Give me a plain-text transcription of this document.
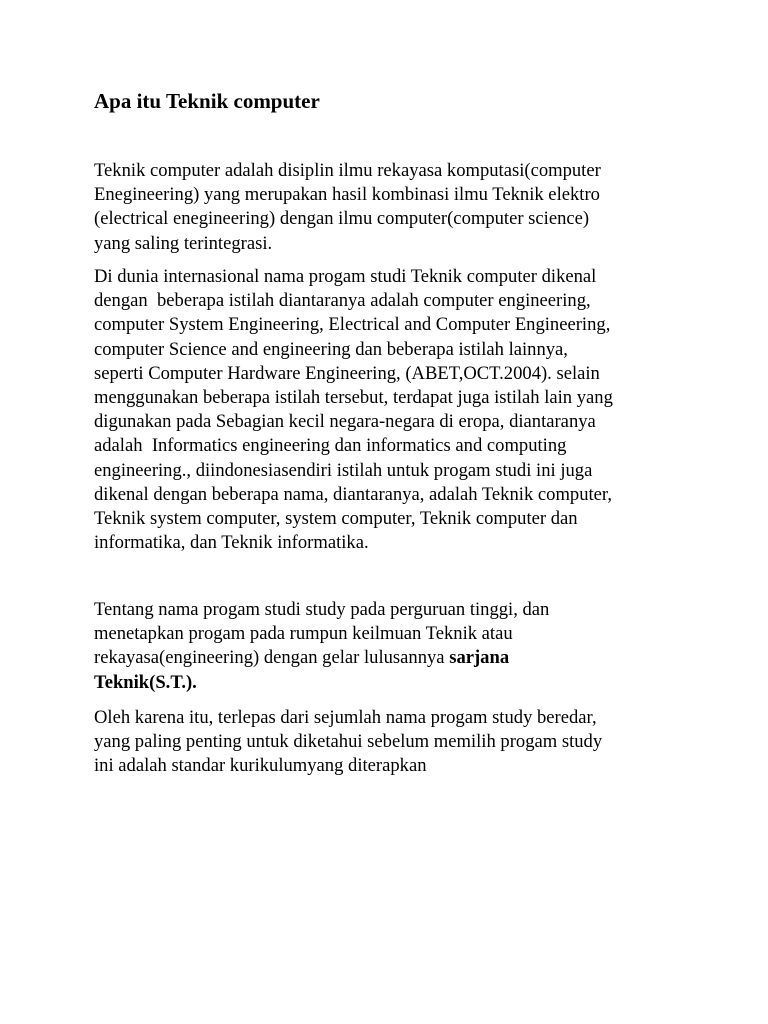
Apa itu Teknik computer

Teknik computer adalah disiplin ilmu rekayasa komputasi(computer
Enegineering) yang merupakan hasil kombinasi ilmu Teknik elektro
(electrical enegineering) dengan ilmu computer(computer science)
yang saling terintegrasi.

Di dunia internasional nama progam studi Teknik computer dikenal
dengan  beberapa istilah diantaranya adalah computer engineering,
computer System Engineering, Electrical and Computer Engineering,
computer Science and engineering dan beberapa istilah lainnya,
seperti Computer Hardware Engineering, (ABET,OCT.2004). selain
menggunakan beberapa istilah tersebut, terdapat juga istilah lain yang
digunakan pada Sebagian kecil negara-negara di eropa, diantaranya
adalah  Informatics engineering dan informatics and computing
engineering., diindonesiasendiri istilah untuk progam studi ini juga
dikenal dengan beberapa nama, diantaranya, adalah Teknik computer,
Teknik system computer, system computer, Teknik computer dan
informatika, dan Teknik informatika.

Tentang nama progam studi study pada perguruan tinggi, dan
menetapkan progam pada rumpun keilmuan Teknik atau
rekayasa(engineering) dengan gelar lulusannya sarjana
Teknik(S.T.).

Oleh karena itu, terlepas dari sejumlah nama progam study beredar,
yang paling penting untuk diketahui sebelum memilih progam study
ini adalah standar kurikulumyang diterapkan
